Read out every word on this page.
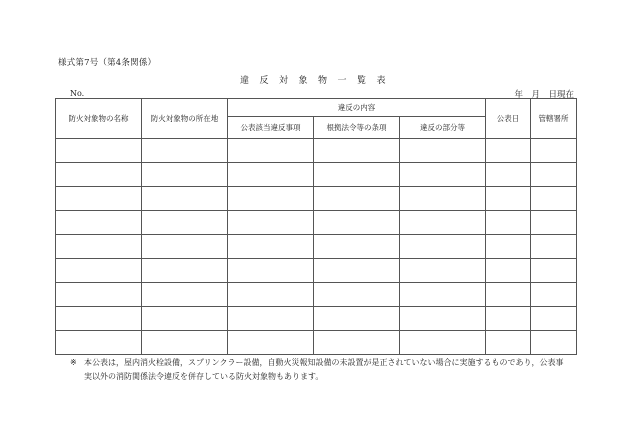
様式第7号（第4条関係）
違反対象物一覧表
No.	年　月　日現在
防火対象物の名称	防火対象物の所在地	違反の内容			公表日	管轄署所
		公表該当違反事項	根拠法令等の条項	違反の部分等		

※ 本公表は，屋内消火栓設備，スプリンクラー設備，自動火災報知設備の未設置が是正されていない場合に実施するものであり，公表事
実以外の消防関係法令違反を併存している防火対象物もあります。
